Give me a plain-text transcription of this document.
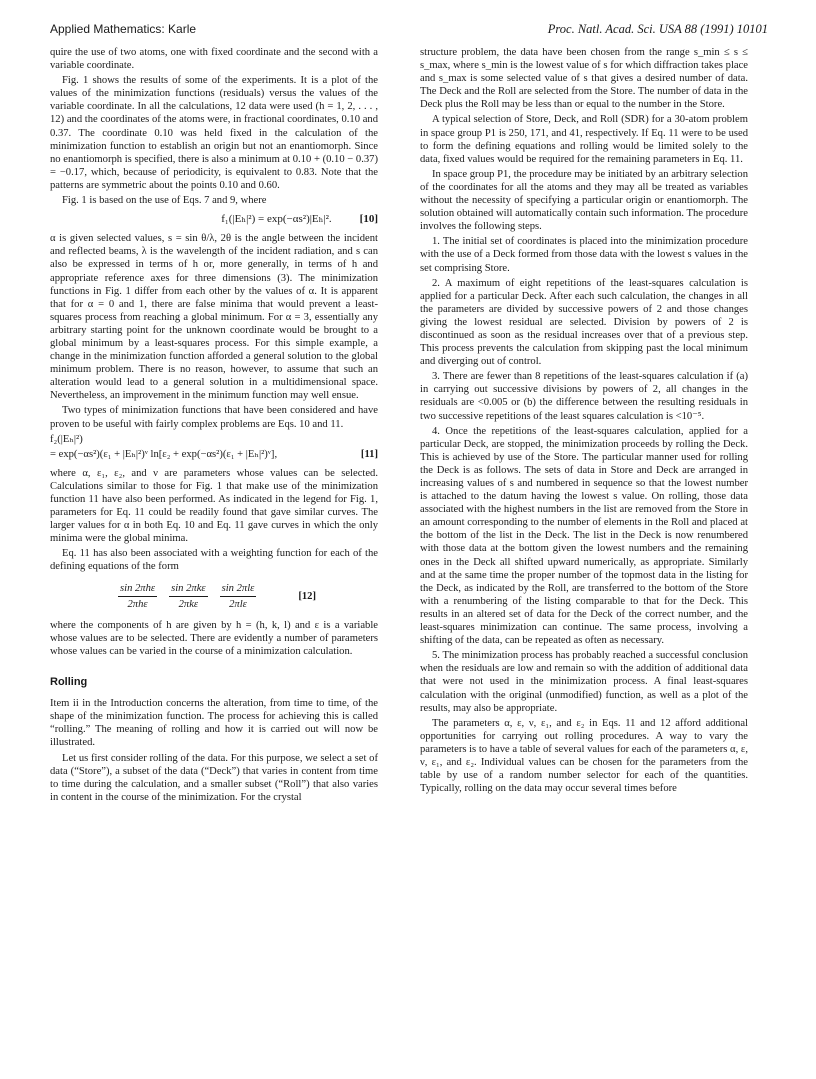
Applied Mathematics: Karle	Proc. Natl. Acad. Sci. USA 88 (1991) 10101

quire the use of two atoms, one with fixed coordinate and the second with a variable coordinate.

Fig. 1 shows the results of some of the experiments. It is a plot of the values of the minimization functions (residuals) versus the values of the variable coordinate. In all the calculations, 12 data were used (h = 1, 2, . . . , 12) and the coordinates of the atoms were, in fractional coordinates, 0.10 and 0.37. The coordinate 0.10 was held fixed in the calculation of the minimization function to establish an origin but not an enantiomorph. Since no enantiomorph is specified, there is also a minimum at 0.10 + (0.10 − 0.37) = −0.17, which, because of periodicity, is equivalent to 0.83. Note that the patterns are symmetric about the points 0.10 and 0.60.

Fig. 1 is based on the use of Eqs. 7 and 9, where

f₁(|Eₕ|²) = exp(−αs²)|Eₕ|².	[10]

α is given selected values, s = sin θ/λ, 2θ is the angle between the incident and reflected beams, λ is the wavelength of the incident radiation, and s can also be expressed in terms of h or, more generally, in terms of h and appropriate reference axes for three dimensions (3). The minimization functions in Fig. 1 differ from each other by the values of α. It is apparent that for α = 0 and 1, there are false minima that would prevent a least-squares process from reaching a global minimum. For α = 3, essentially any arbitrary starting point for the unknown coordinate would be brought to a global minimum by a least-squares process. For this simple example, a change in the minimization function afforded a general solution to the global minimum problem. There is no reason, however, to assume that such an alteration would lead to a general solution in a multidimensional space. Nevertheless, an improvement in the minimum function may well ensue.

Two types of minimization functions that have been considered and have proven to be useful with fairly complex problems are Eqs. 10 and 11.

f₂(|Eₕ|²)
= exp(−αs²)(ε₁ + |Eₕ|²)ᵛ ln[ε₂ + exp(−αs²)(ε₁ + |Eₕ|²)ᵛ],	[11]

where α, ε₁, ε₂, and ν are parameters whose values can be selected. Calculations similar to those for Fig. 1 that make use of the minimization function 11 have also been performed. As indicated in the legend for Fig. 1, parameters for Eq. 11 could be readily found that gave similar curves. The larger values for α in both Eq. 10 and Eq. 11 gave curves in which the only minima were the global minima.

Eq. 11 has also been associated with a weighting function for each of the defining equations of the form

$\frac{\text{sin 2πhε}}{\text{2πhε}} \frac{\text{sin 2πkε}}{\text{2πkε}} \frac{\text{sin 2πlε}}{\text{2πlε}}$	[12]

where the components of h are given by h = (h, k, l) and ε is a variable whose values are to be selected. There are evidently a number of parameters whose values can be varied in the course of a minimization calculation.

Rolling

Item ii in the Introduction concerns the alteration, from time to time, of the shape of the minimization function. The process for achieving this is called “rolling.” The meaning of rolling and how it is carried out will now be illustrated.

Let us first consider rolling of the data. For this purpose, we select a set of data (“Store”), a subset of the data (“Deck”) that varies in content from time to time during the calculation, and a smaller subset (“Roll”) that also varies in content in the course of the minimization. For the crystal

structure problem, the data have been chosen from the range s_min ≤ s ≤ s_max, where s_min is the lowest value of s for which diffraction takes place and s_max is some selected value of s that gives a desired number of data. The Deck and the Roll are selected from the Store. The number of data in the Deck plus the Roll may be less than or equal to the number in the Store.

A typical selection of Store, Deck, and Roll (SDR) for a 30-atom problem in space group P1 is 250, 171, and 41, respectively. If Eq. 11 were to be used to form the defining equations and rolling would be limited solely to the data, fixed values would be required for the remaining parameters in Eq. 11.

In space group P1, the procedure may be initiated by an arbitrary selection of the coordinates for all the atoms and they may all be treated as variables without the necessity of specifying a particular origin or enantiomorph. The solution obtained will automatically contain such information. The procedure involves the following steps.

1. The initial set of coordinates is placed into the minimization procedure with the use of a Deck formed from those data with the lowest s values in the set comprising Store.

2. A maximum of eight repetitions of the least-squares calculation is applied for a particular Deck. After each such calculation, the changes in all the parameters are divided by successive powers of 2 and those changes giving the lowest residual are selected. Division by powers of 2 is discontinued as soon as the residual increases over that of a previous step. This process prevents the calculation from skipping past the local minimum and diverging out of control.

3. There are fewer than 8 repetitions of the least-squares calculation if (a) in carrying out successive divisions by powers of 2, all changes in the residuals are <0.005 or (b) the difference between the resulting residuals in two successive repetitions of the least squares calculation is <10⁻⁵.

4. Once the repetitions of the least-squares calculation, applied for a particular Deck, are stopped, the minimization proceeds by rolling the Deck. This is achieved by use of the Store. The particular manner used for rolling the Deck is as follows. The sets of data in Store and Deck are arranged in increasing values of s and numbered in sequence so that the lowest number is attached to the datum having the lowest s value. On rolling, those data associated with the highest numbers in the list are removed from the Store in an amount corresponding to the number of elements in the Roll and placed at the bottom of the list in the Deck. The list in the Deck is now renumbered with those data at the bottom given the lowest numbers and the remaining ones in the Deck all shifted upward numerically, as appropriate. Similarly and at the same time the proper number of the topmost data in the listing for the Deck, as indicated by the Roll, are transferred to the bottom of the Store with a renumbering of the listing comparable to that for the Deck. This results in an altered set of data for the Deck of the correct number, and the least-squares minimization can continue. The same process, involving a shifting of the data, can be repeated as often as necessary.

5. The minimization process has probably reached a successful conclusion when the residuals are low and remain so with the addition of additional data that were not used in the minimization process. A final least-squares calculation with the original (unmodified) function, as well as a plot of the results, may also be appropriate.

The parameters α, ε, ν, ε₁, and ε₂ in Eqs. 11 and 12 afford additional opportunities for carrying out rolling procedures. A way to vary the parameters is to have a table of several values for each of the parameters α, ε, ν, ε₁, and ε₂. Individual values can be chosen for the parameters from the table by use of a random number selector for each of the quantities. Typically, rolling on the data may occur several times before
